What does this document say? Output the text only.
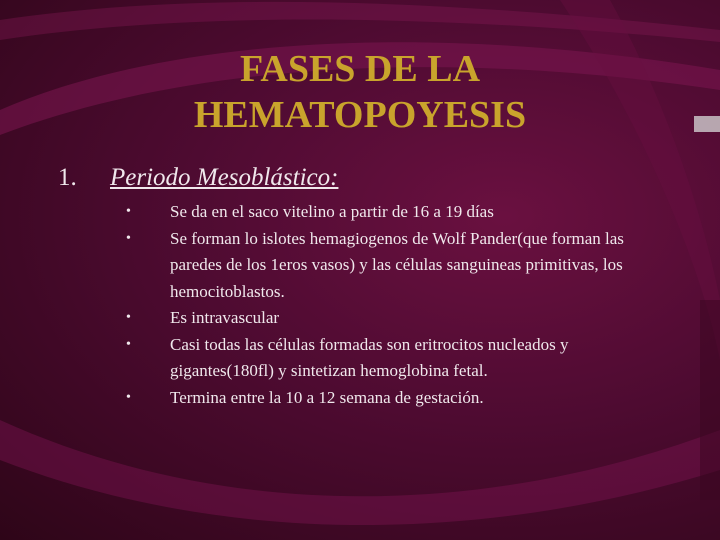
FASES DE LA
HEMATOPOYESIS
1. Periodo Mesoblástico:
•	Se da en el saco vitelino a partir de 16 a 19 días
•	Se forman lo islotes hemagiogenos de Wolf Pander(que forman las paredes de los 1eros vasos) y las células sanguineas primitivas, los hemocitoblastos.
•	Es intravascular
•	Casi todas las células formadas son eritrocitos nucleados y gigantes(180fl) y sintetizan hemoglobina fetal.
•	Termina entre la 10 a 12 semana de gestación.
